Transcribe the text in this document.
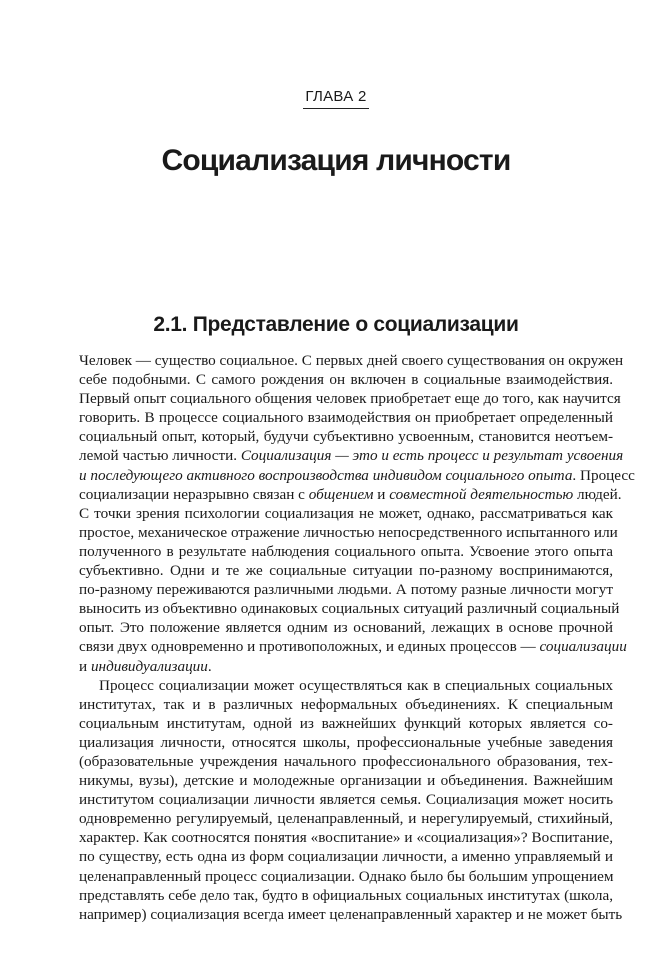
ГЛАВА 2
Социализация личности
2.1. Представление о социализации
Человек — существо социальное. С первых дней своего существования он окружен
себе подобными. С самого рождения он включен в социальные взаимодействия.
Первый опыт социального общения человек приобретает еще до того, как научится
говорить. В процессе социального взаимодействия он приобретает определенный
социальный опыт, который, будучи субъективно усвоенным, становится неотъем-
лемой частью личности. Социализация — это и есть процесс и результат усвоения
и последующего активного воспроизводства индивидом социального опыта. Процесс
социализации неразрывно связан с общением и совместной деятельностью людей.
С точки зрения психологии социализация не может, однако, рассматриваться как
простое, механическое отражение личностью непосредственного испытанного или
полученного в результате наблюдения социального опыта. Усвоение этого опыта
субъективно. Одни и те же социальные ситуации по-разному воспринимаются,
по-разному переживаются различными людьми. А потому разные личности могут
выносить из объективно одинаковых социальных ситуаций различный социальный
опыт. Это положение является одним из оснований, лежащих в основе прочной
связи двух одновременно и противоположных, и единых процессов — социализации
и индивидуализации.
Процесс социализации может осуществляться как в специальных социальных
институтах, так и в различных неформальных объединениях. К специальным
социальным институтам, одной из важнейших функций которых является со-
циализация личности, относятся школы, профессиональные учебные заведения
(образовательные учреждения начального профессионального образования, тех-
никумы, вузы), детские и молодежные организации и объединения. Важнейшим
институтом социализации личности является семья. Социализация может носить
одновременно регулируемый, целенаправленный, и нерегулируемый, стихийный,
характер. Как соотносятся понятия «воспитание» и «социализация»? Воспитание,
по существу, есть одна из форм социализации личности, а именно управляемый и
целенаправленный процесс социализации. Однако было бы большим упрощением
представлять себе дело так, будто в официальных социальных институтах (школа,
например) социализация всегда имеет целенаправленный характер и не может быть
